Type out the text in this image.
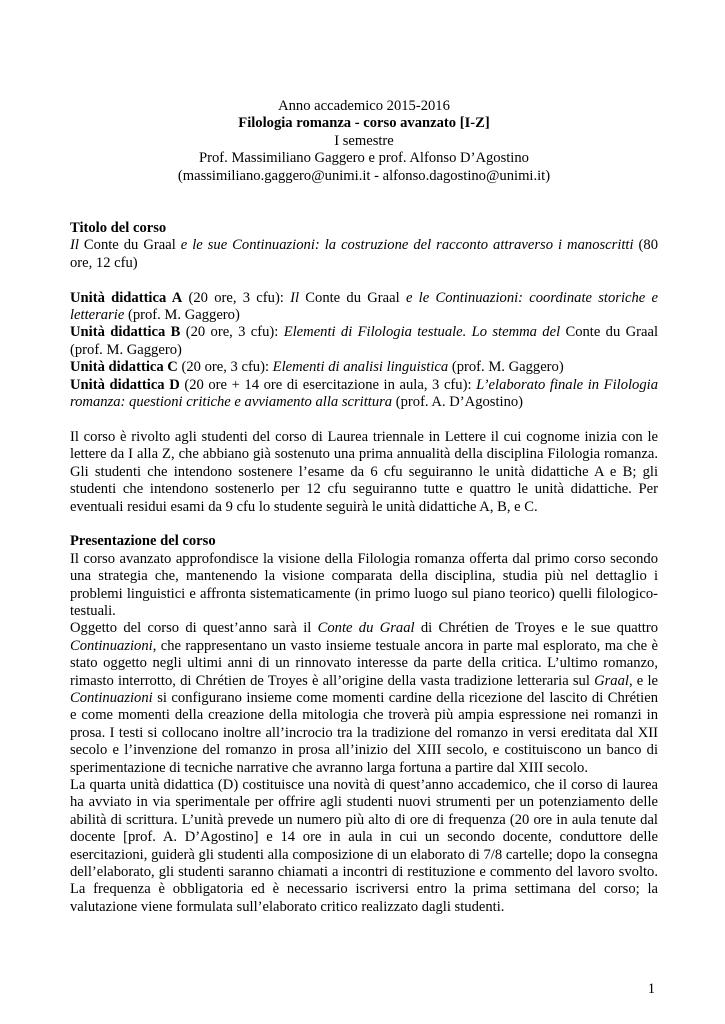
Anno accademico 2015-2016
Filologia romanza - corso avanzato [I-Z]
I semestre
Prof. Massimiliano Gaggero e prof. Alfonso D’Agostino
(massimiliano.gaggero@unimi.it - alfonso.dagostino@unimi.it)
Titolo del corso

Il Conte du Graal e le sue Continuazioni: la costruzione del racconto attraverso i manoscritti (80 ore, 12 cfu)

Unità didattica A (20 ore, 3 cfu): Il Conte du Graal e le Continuazioni: coordinate storiche e letterarie (prof. M. Gaggero)

Unità didattica B (20 ore, 3 cfu): Elementi di Filologia testuale. Lo stemma del Conte du Graal (prof. M. Gaggero)

Unità didattica C (20 ore, 3 cfu): Elementi di analisi linguistica (prof. M. Gaggero)

Unità didattica D (20 ore + 14 ore di esercitazione in aula, 3 cfu): L’elaborato finale in Filologia romanza: questioni critiche e avviamento alla scrittura (prof. A. D’Agostino)

Il corso è rivolto agli studenti del corso di Laurea triennale in Lettere il cui cognome inizia con le lettere da I alla Z, che abbiano già sostenuto una prima annualità della disciplina Filologia romanza. Gli studenti che intendono sostenere l’esame da 6 cfu seguiranno le unità didattiche A e B; gli studenti che intendono sostenerlo per 12 cfu seguiranno tutte e quattro le unità didattiche. Per eventuali residui esami da 9 cfu lo studente seguirà le unità didattiche A, B, e C.

Presentazione del corso

Il corso avanzato approfondisce la visione della Filologia romanza offerta dal primo corso secondo una strategia che, mantenendo la visione comparata della disciplina, studia più nel dettaglio i problemi linguistici e affronta sistematicamente (in primo luogo sul piano teorico) quelli filologico-testuali.

Oggetto del corso di quest’anno sarà il Conte du Graal di Chrétien de Troyes e le sue quattro Continuazioni, che rappresentano un vasto insieme testuale ancora in parte mal esplorato, ma che è stato oggetto negli ultimi anni di un rinnovato interesse da parte della critica. L’ultimo romanzo, rimasto interrotto, di Chrétien de Troyes è all’origine della vasta tradizione letteraria sul Graal, e le Continuazioni si configurano insieme come momenti cardine della ricezione del lascito di Chrétien e come momenti della creazione della mitologia che troverà più ampia espressione nei romanzi in prosa. I testi si collocano inoltre all’incrocio tra la tradizione del romanzo in versi ereditata dal XII secolo e l’invenzione del romanzo in prosa all’inizio del XIII secolo, e costituiscono un banco di sperimentazione di tecniche narrative che avranno larga fortuna a partire dal XIII secolo.

La quarta unità didattica (D) costituisce una novità di quest’anno accademico, che il corso di laurea ha avviato in via sperimentale per offrire agli studenti nuovi strumenti per un potenziamento delle abilità di scrittura. L’unità prevede un numero più alto di ore di frequenza (20 ore in aula tenute dal docente [prof. A. D’Agostino] e 14 ore in aula in cui un secondo docente, conduttore delle esercitazioni, guiderà gli studenti alla composizione di un elaborato di 7/8 cartelle; dopo la consegna dell’elaborato, gli studenti saranno chiamati a incontri di restituzione e commento del lavoro svolto. La frequenza è obbligatoria ed è necessario iscriversi entro la prima settimana del corso; la valutazione viene formulata sull’elaborato critico realizzato dagli studenti.

1
